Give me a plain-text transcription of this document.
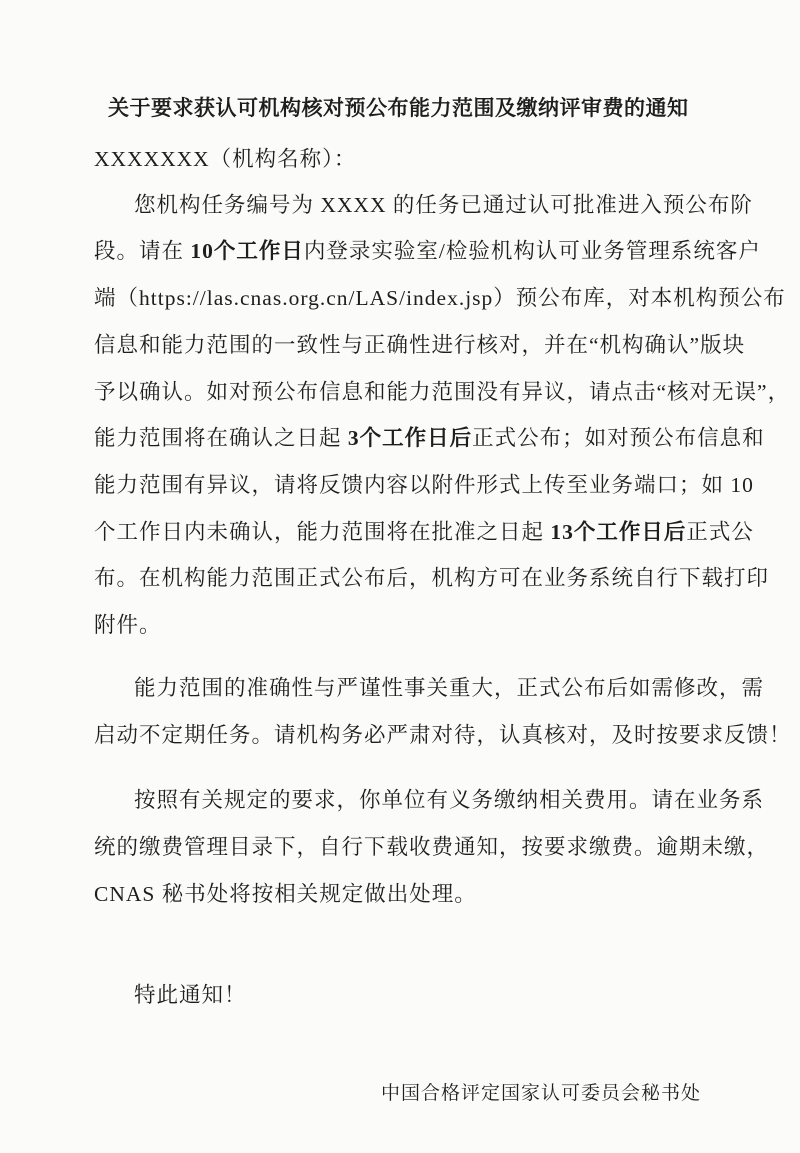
关于要求获认可机构核对预公布能力范围及缴纳评审费的通知
XXXXXXX（机构名称）：
您机构任务编号为 XXXX 的任务已通过认可批准进入预公布阶
段。请在 10个工作日内登录实验室/检验机构认可业务管理系统客户
端（https://las.cnas.org.cn/LAS/index.jsp）预公布库，对本机构预公布
信息和能力范围的一致性与正确性进行核对，并在“机构确认”版块
予以确认。如对预公布信息和能力范围没有异议，请点击“核对无误”，
能力范围将在确认之日起 3个工作日后正式公布；如对预公布信息和
能力范围有异议，请将反馈内容以附件形式上传至业务端口；如 10
个工作日内未确认，能力范围将在批准之日起 13个工作日后正式公
布。在机构能力范围正式公布后，机构方可在业务系统自行下载打印
附件。
能力范围的准确性与严谨性事关重大，正式公布后如需修改，需
启动不定期任务。请机构务必严肃对待，认真核对，及时按要求反馈！
按照有关规定的要求，你单位有义务缴纳相关费用。请在业务系
统的缴费管理目录下，自行下载收费通知，按要求缴费。逾期未缴，
CNAS 秘书处将按相关规定做出处理。
特此通知！
中国合格评定国家认可委员会秘书处
